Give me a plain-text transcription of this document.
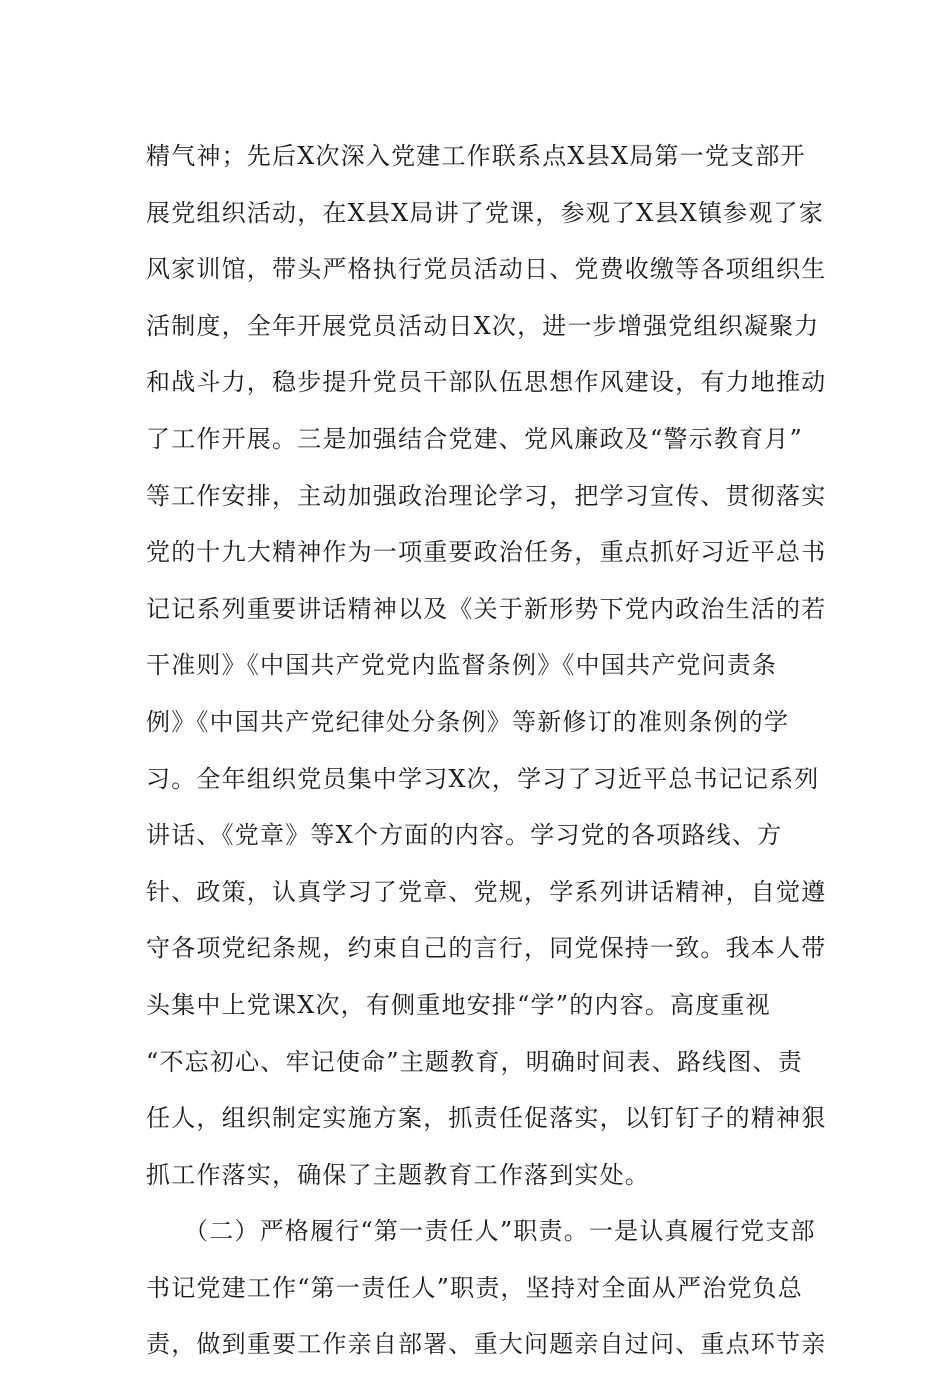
精气神；先后X次深入党建工作联系点X县X局第一党支部开
展党组织活动，在X县X局讲了党课，参观了X县X镇参观了家
风家训馆，带头严格执行党员活动日、党费收缴等各项组织生
活制度，全年开展党员活动日X次，进一步增强党组织凝聚力
和战斗力，稳步提升党员干部队伍思想作风建设，有力地推动
了工作开展。三是加强结合党建、党风廉政及“警示教育月”
等工作安排，主动加强政治理论学习，把学习宣传、贯彻落实
党的十九大精神作为一项重要政治任务，重点抓好习近平总书
记记系列重要讲话精神以及《关于新形势下党内政治生活的若
干准则》《中国共产党党内监督条例》《中国共产党问责条
例》《中国共产党纪律处分条例》等新修订的准则条例的学
习。全年组织党员集中学习X次，学习了习近平总书记记系列
讲话、《党章》等X个方面的内容。学习党的各项路线、方
针、政策，认真学习了党章、党规，学系列讲话精神，自觉遵
守各项党纪条规，约束自己的言行，同党保持一致。我本人带
头集中上党课X次，有侧重地安排“学”的内容。高度重视
“不忘初心、牢记使命”主题教育，明确时间表、路线图、责
任人，组织制定实施方案，抓责任促落实，以钉钉子的精神狠
抓工作落实，确保了主题教育工作落到实处。
（二）严格履行“第一责任人”职责。一是认真履行党支部
书记党建工作“第一责任人”职责，坚持对全面从严治党负总
责，做到重要工作亲自部署、重大问题亲自过问、重点环节亲
